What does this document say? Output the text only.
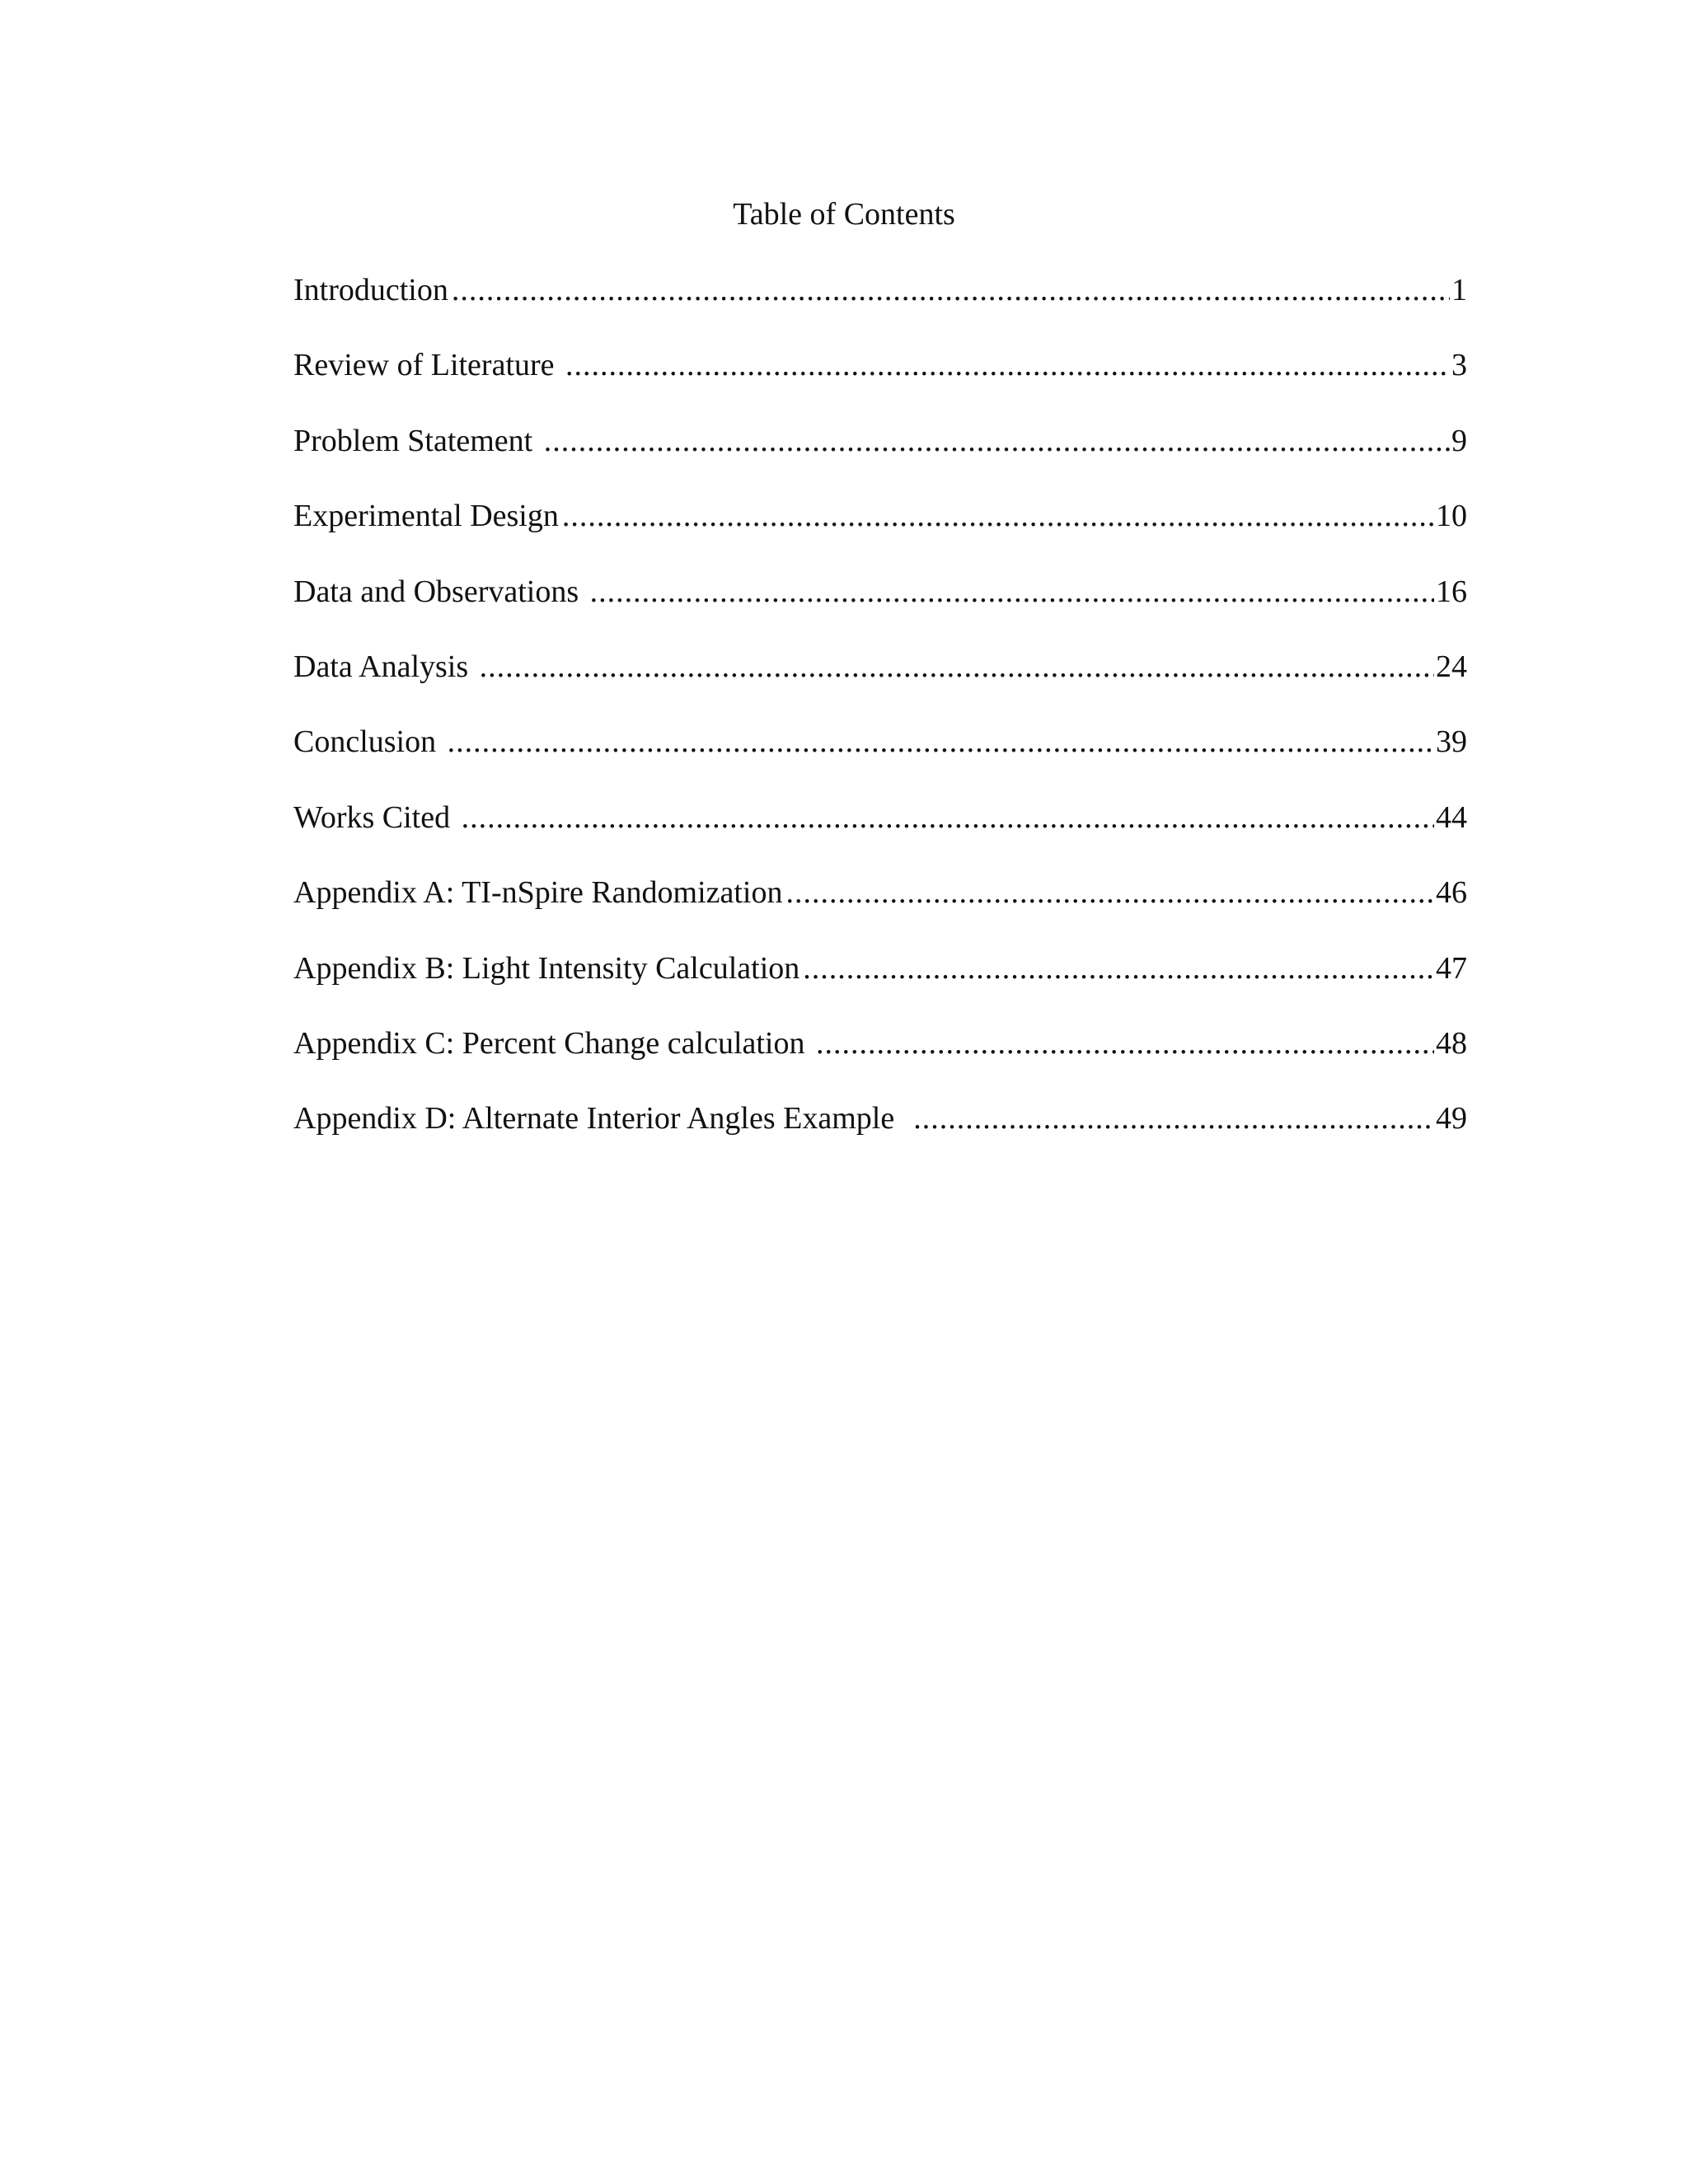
Table of Contents
Introduction .....	1
Review of Literature .....	3
Problem Statement .....	9
Experimental Design .....	10
Data and Observations .....	16
Data Analysis .....	24
Conclusion .....	39
Works Cited .....	44
Appendix A: TI-nSpire Randomization .....	46
Appendix B: Light Intensity Calculation .....	47
Appendix C: Percent Change calculation .....	48
Appendix D: Alternate Interior Angles Example .....	49
